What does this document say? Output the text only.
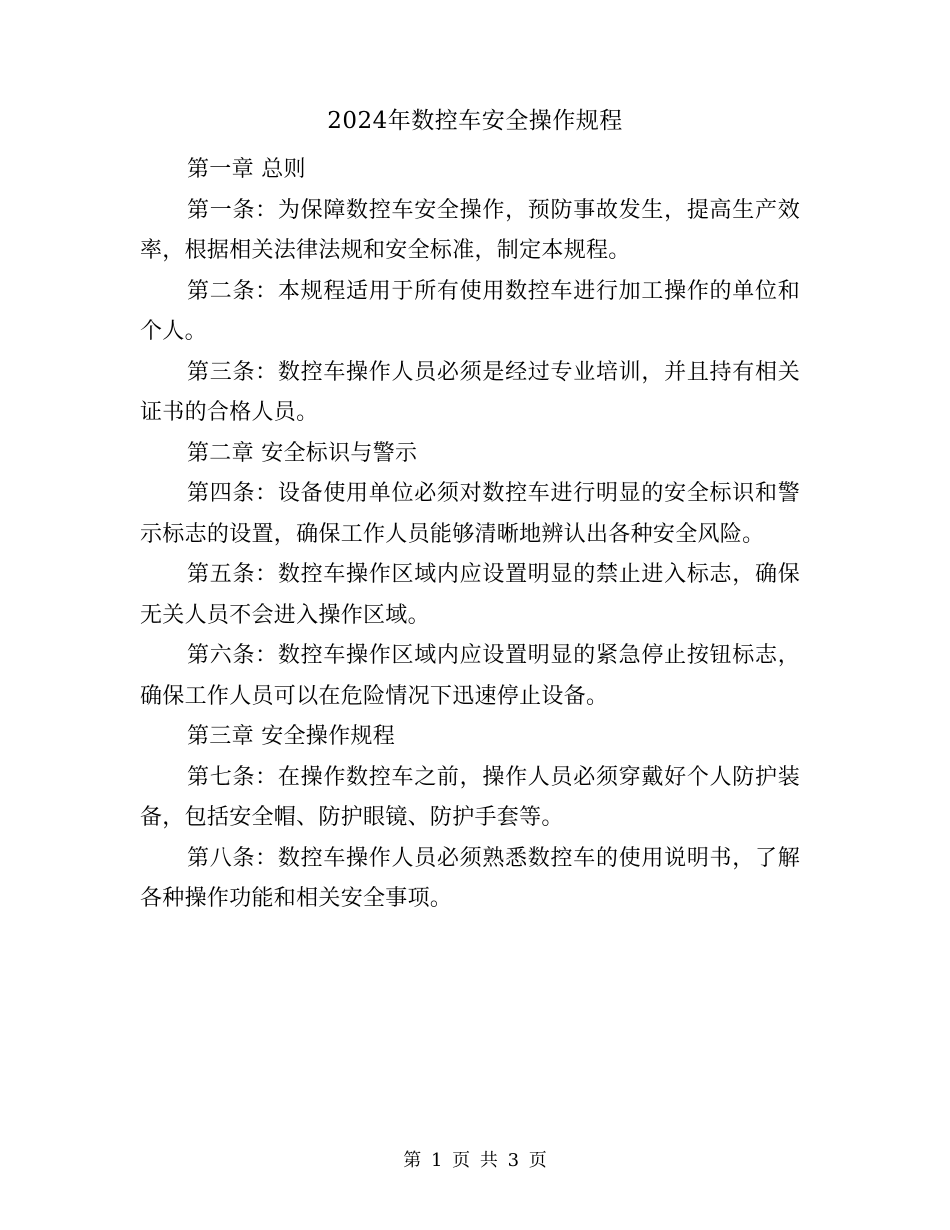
2024年数控车安全操作规程

第一章 总则

第一条：为保障数控车安全操作，预防事故发生，提高生产效率，根据相关法律法规和安全标准，制定本规程。

第二条：本规程适用于所有使用数控车进行加工操作的单位和个人。

第三条：数控车操作人员必须是经过专业培训，并且持有相关证书的合格人员。

第二章 安全标识与警示

第四条：设备使用单位必须对数控车进行明显的安全标识和警示标志的设置，确保工作人员能够清晰地辨认出各种安全风险。

第五条：数控车操作区域内应设置明显的禁止进入标志，确保无关人员不会进入操作区域。

第六条：数控车操作区域内应设置明显的紧急停止按钮标志，确保工作人员可以在危险情况下迅速停止设备。

第三章 安全操作规程

第七条：在操作数控车之前，操作人员必须穿戴好个人防护装备，包括安全帽、防护眼镜、防护手套等。

第八条：数控车操作人员必须熟悉数控车的使用说明书，了解各种操作功能和相关安全事项。

第 1 页 共 3 页
